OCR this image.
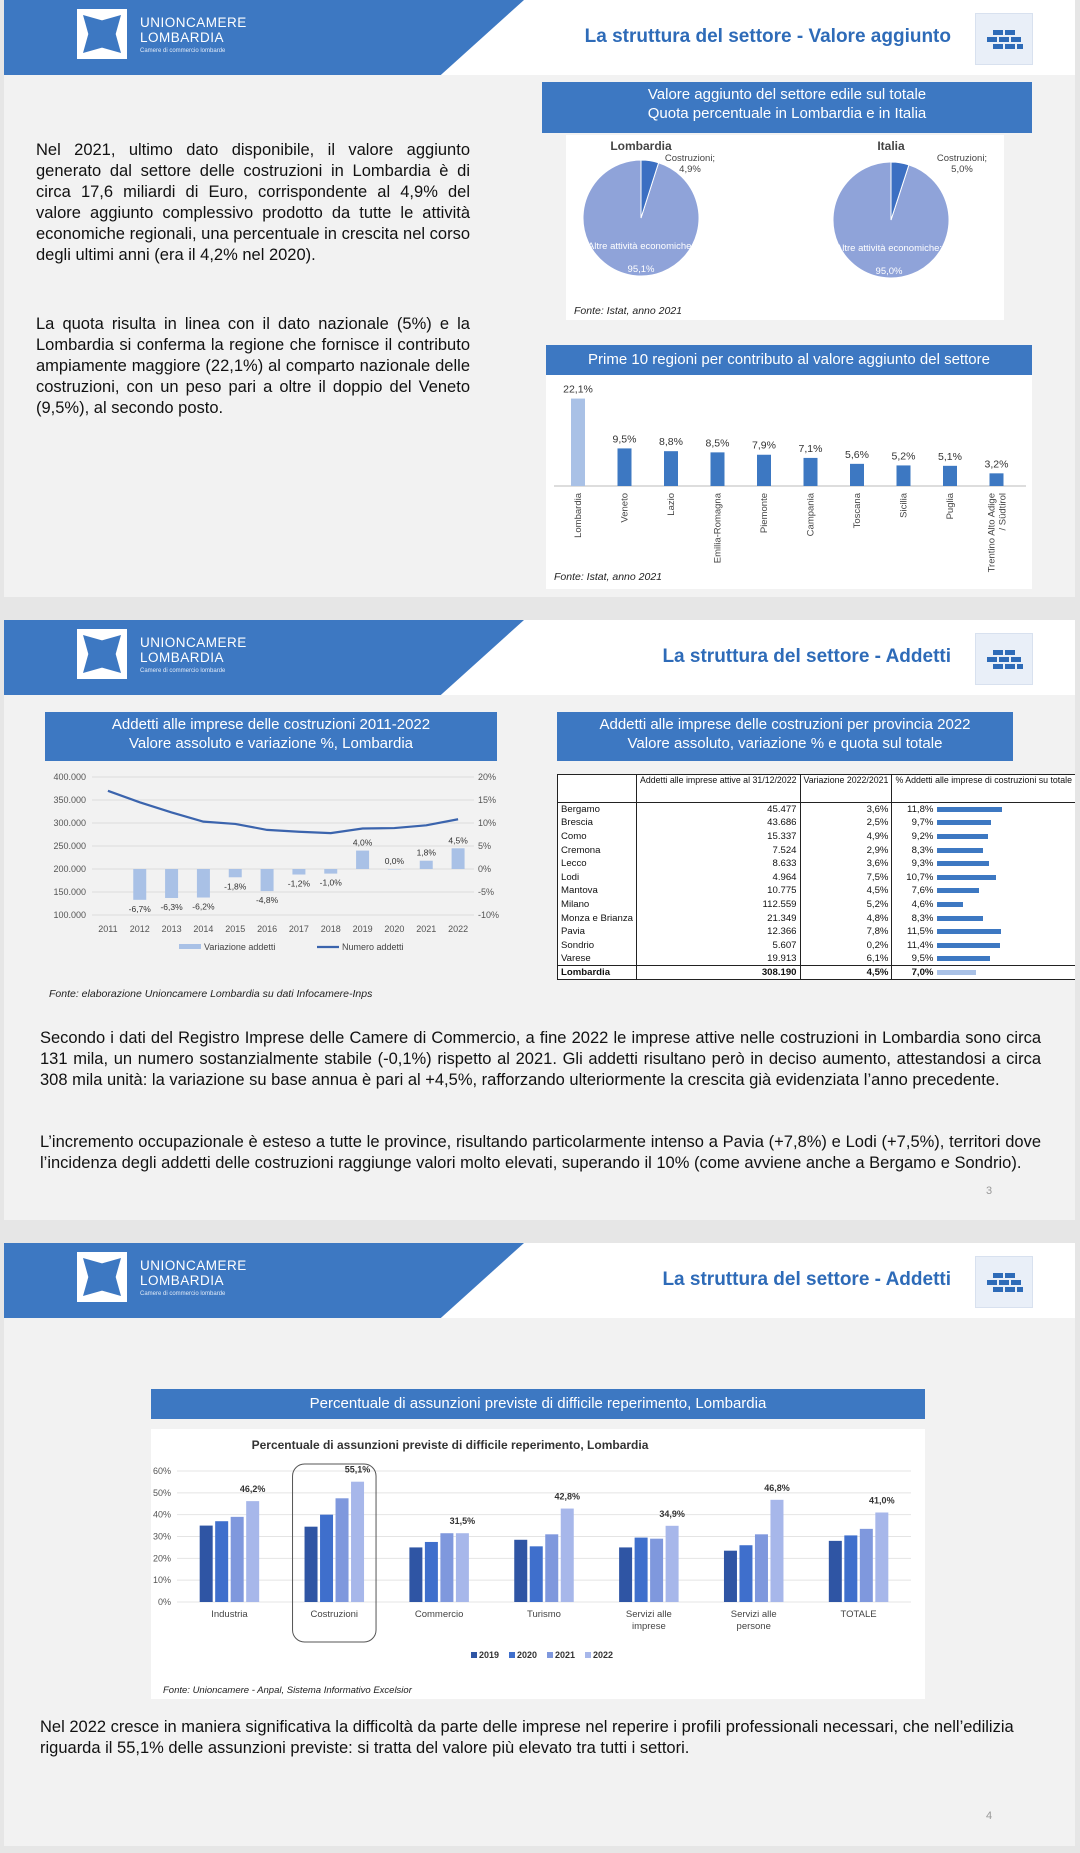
UNIONCAMERE
LOMBARDIA
Camere di commercio lombarde
La struttura del settore - Valore aggiunto

Nel 2021, ultimo dato disponibile, il valore aggiunto generato dal settore delle costruzioni in Lombardia è di circa 17,6 miliardi di Euro, corrispondente al 4,9% del valore aggiunto complessivo prodotto da tutte le attività economiche regionali, una percentuale in crescita nel corso degli ultimi anni (era il 4,2% nel 2020).

La quota risulta in linea con il dato nazionale (5%) e la Lombardia si conferma la regione che fornisce il contributo ampiamente maggiore (22,1%) al comparto nazionale delle costruzioni, con un peso pari a oltre il doppio del Veneto (9,5%), al secondo posto.

Valore aggiunto del settore edile sul totale
Quota percentuale in Lombardia e in Italia
Lombardia
Costruzioni;
4,9%
Altre attività economiche;
95,1%
Italia
Costruzioni;
5,0%
Altre attività economiche;
95,0%
Fonte: Istat, anno 2021
Prime 10 regioni per contributo al valore aggiunto del settore
Fonte: Istat, anno 2021
22,1%
Lombardia
9,5%
Veneto
8,8%
Lazio
8,5%
Emilia-Romagna
7,9%
Piemonte
7,1%
Campania
5,6%
Toscana
5,2%
Sicilia
5,1%
Puglia
3,2%
Trentino Alto Adige / Südtirol
UNIONCAMERE
LOMBARDIA
Camere di commercio lombarde
La struttura del settore - Addetti
Addetti alle imprese delle costruzioni 2011-2022
Valore assoluto e variazione %, Lombardia
400.000	20%
350.000	15%
300.000	10%
250.000	5%
200.000	0%
150.000	-5%
100.000	-10%
-6,7% -6,3% -6,2%
-1,8%
-4,8%
-1,2% -1,0%
4,0%
0,0%
1,8%
4,5%
2011 2012 2013 2014 2015 2016 2017 2018 2019 2020 2021 2022
Variazione addetti	Numero addetti
Fonte: elaborazione Unioncamere Lombardia su dati Infocamere-Inps
Addetti alle imprese delle costruzioni per provincia 2022
Valore assoluto, variazione % e quota sul totale
	Addetti alle imprese attive al 31/12/2022	Variazione 2022/2021	% Addetti alle imprese di costruzioni su totale
Bergamo	45.477	3,6%	11,8%
Brescia	43.686	2,5%	9,7%
Como	15.337	4,9%	9,2%
Cremona	7.524	2,9%	8,3%
Lecco	8.633	3,6%	9,3%
Lodi	4.964	7,5%	10,7%
Mantova	10.775	4,5%	7,6%
Milano	112.559	5,2%	4,6%
Monza e Brianza	21.349	4,8%	8,3%
Pavia	12.366	7,8%	11,5%
Sondrio	5.607	0,2%	11,4%
Varese	19.913	6,1%	9,5%
Lombardia	308.190	4,5%	7,0%

Secondo i dati del Registro Imprese delle Camere di Commercio, a fine 2022 le imprese attive nelle costruzioni in Lombardia sono circa 131 mila, un numero sostanzialmente stabile (-0,1%) rispetto al 2021. Gli addetti risultano però in deciso aumento, attestandosi a circa 308 mila unità: la variazione su base annua è pari al +4,5%, rafforzando ulteriormente la crescita già evidenziata l’anno precedente.

L’incremento occupazionale è esteso a tutte le province, risultando particolarmente intenso a Pavia (+7,8%) e Lodi (+7,5%), territori dove l’incidenza degli addetti delle costruzioni raggiunge valori molto elevati, superando il 10% (come avviene anche a Bergamo e Sondrio).

3
UNIONCAMERE
LOMBARDIA
Camere di commercio lombarde
La struttura del settore - Addetti
Percentuale di assunzioni previste di difficile reperimento, Lombardia
Percentuale di assunzioni previste di difficile reperimento, Lombardia
Fonte: Unioncamere - Anpal, Sistema Informativo Excelsior
60%
50%
40%
30%
20%
10%
0%
46,2%
Industria
55,1%
Costruzioni
31,5%
Commercio
42,8%
Turismo
34,9%
Servizi alle
imprese
46,8%
Servizi alle
persone
41,0%
TOTALE
2019 2020 2021 2022

Nel 2022 cresce in maniera significativa la difficoltà da parte delle imprese nel reperire i profili professionali necessari, che nell’edilizia riguarda il 55,1% delle assunzioni previste: si tratta del valore più elevato tra tutti i settori.

4
